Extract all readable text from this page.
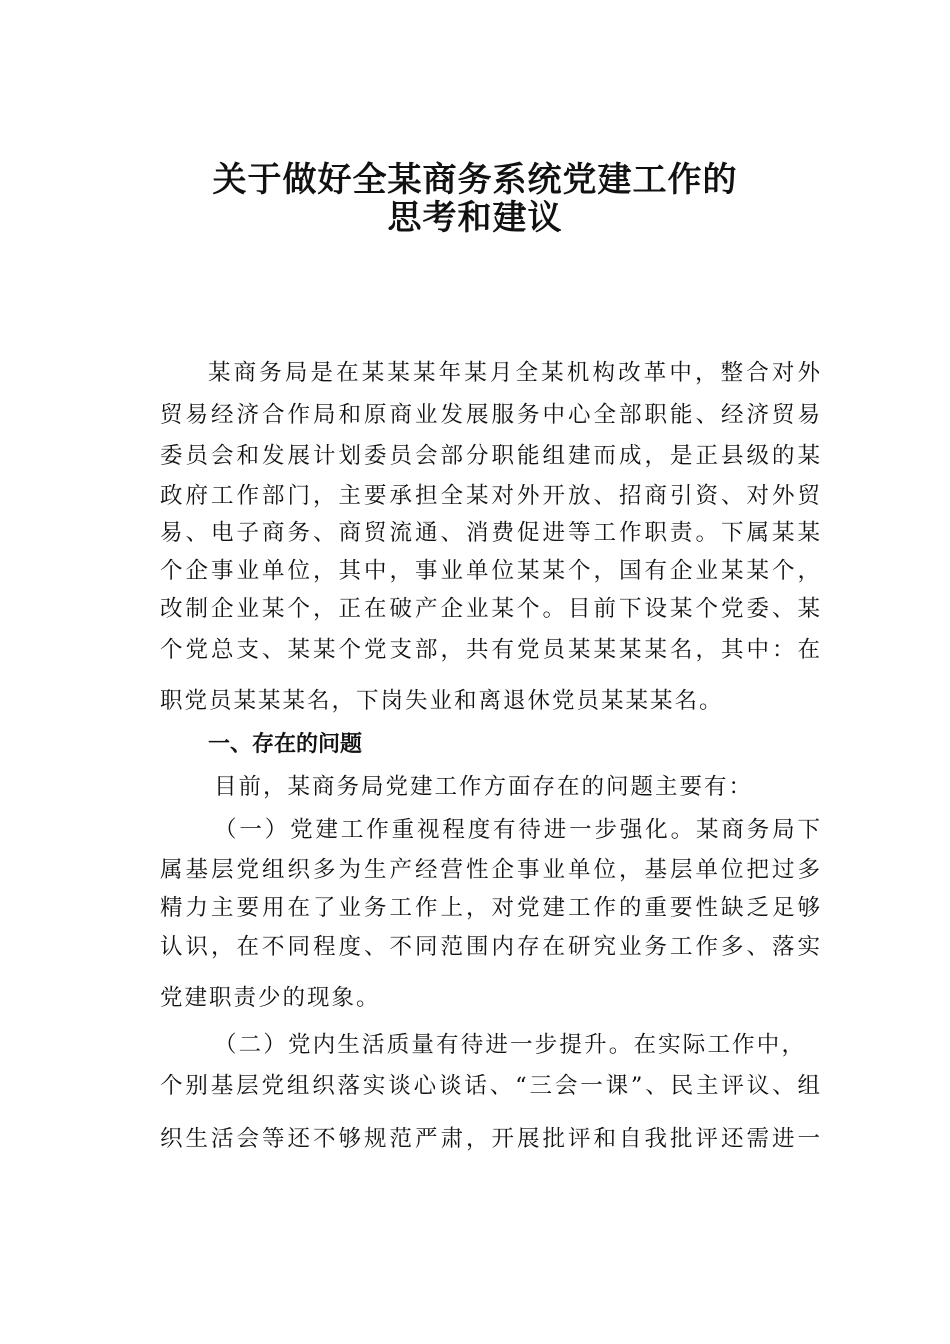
关于做好全某商务系统党建工作的
思考和建议
某商务局是在某某某年某月全某机构改革中，整合对外
贸易经济合作局和原商业发展服务中心全部职能、经济贸易
委员会和发展计划委员会部分职能组建而成，是正县级的某
政府工作部门，主要承担全某对外开放、招商引资、对外贸
易、电子商务、商贸流通、消费促进等工作职责。下属某某
个企事业单位，其中，事业单位某某个，国有企业某某个，
改制企业某个，正在破产企业某个。目前下设某个党委、某
个党总支、某某个党支部，共有党员某某某某名，其中：在
职党员某某某名，下岗失业和离退休党员某某某名。
一、存在的问题
目前，某商务局党建工作方面存在的问题主要有：
（一）党建工作重视程度有待进一步强化。某商务局下
属基层党组织多为生产经营性企事业单位，基层单位把过多
精力主要用在了业务工作上，对党建工作的重要性缺乏足够
认识，在不同程度、不同范围内存在研究业务工作多、落实
党建职责少的现象。
（二）党内生活质量有待进一步提升。在实际工作中，
个别基层党组织落实谈心谈话、“三会一课”、民主评议、组
织生活会等还不够规范严肃，开展批评和自我批评还需进一
